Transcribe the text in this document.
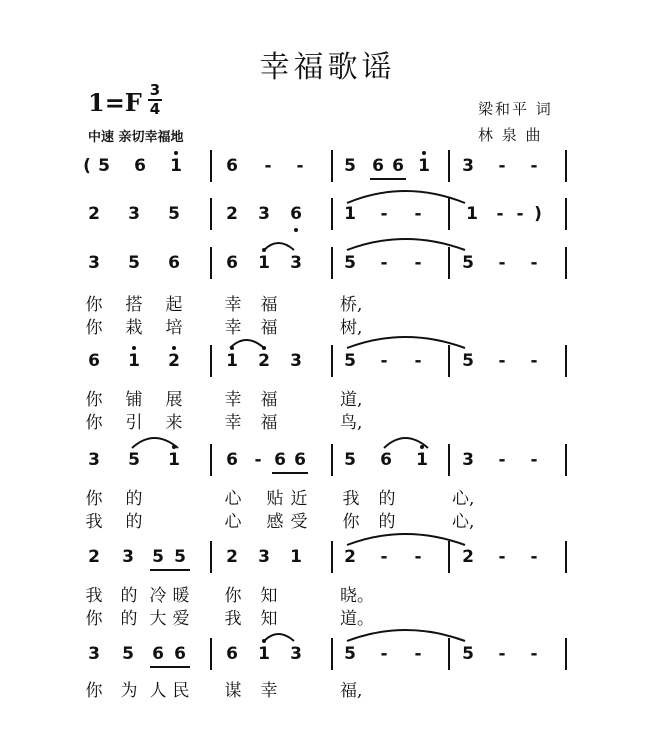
幸福歌谣
1=F 3
4
中速 亲切幸福地
梁和平 词
林 泉 曲
( 5 6 1	6 - - 5 6 6 1 3 - -
2 3 5	2 3 6 1 - -	1 - - )
3 5 6	6 1 3 5 - - 5 - -
你 搭 起 幸 福	桥,
你 栽 培 幸 福	树,
6 1 2	1 2 3 5 - - 5 - -
你 铺 展 幸 福	道,
你 引 来 幸 福	鸟,
3 5 1	6 - 6 6 5 6 1 3 - -
你 的	心 贴 近 我 的	心,
我 的	心 感 受 你 的	心,
2 3 5 5 2 3 1 2 - - 2 - -
我 的 冷 暖 你 知	晓。
你 的 大 爱 我 知	道。
3 5 6 6 6 1 3 5 - - 5 - -
你 为 人 民 谋 幸	福,
